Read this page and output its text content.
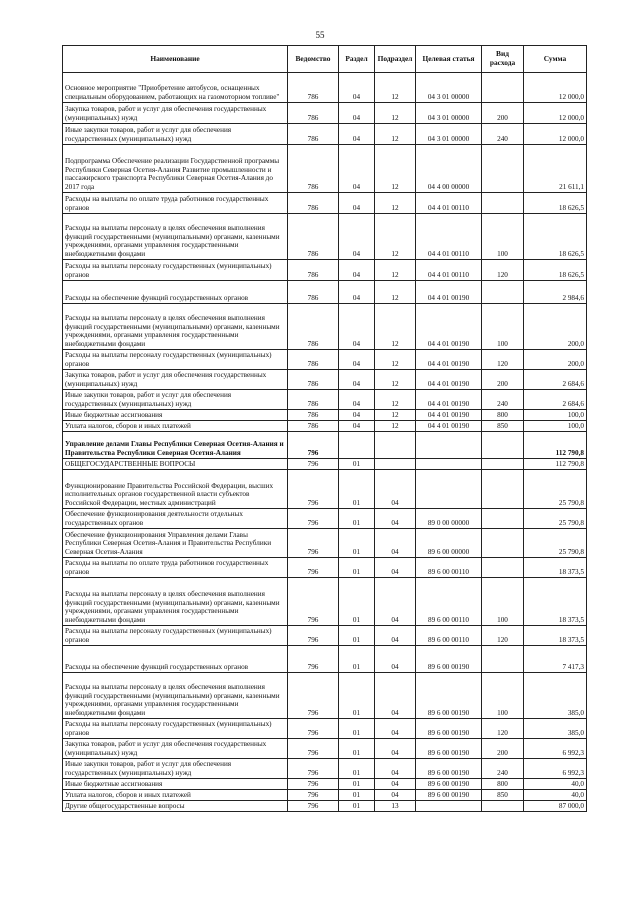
55
Наименование	Ведомство	Раздел	Подраздел	Целевая статья	Вид расхода	Сумма
Основное мероприятие "Приобретение автобусов, оснащенных специальным оборудованием, работающих на газомоторном топливе"	786	04	12	04 3 01 00000		12 000,0
Закупка товаров, работ и услуг для обеспечения государственных (муниципальных) нужд	786	04	12	04 3 01 00000	200	12 000,0
Иные закупки товаров, работ и услуг для обеспечения государственных (муниципальных) нужд	786	04	12	04 3 01 00000	240	12 000,0
Подпрограмма Обеспечение реализации Государственной программы Республики Северная Осетия-Алания Развитие промышленности и пассажирского транспорта Республики Северная Осетия-Алания до 2017 года	786	04	12	04 4 00 00000		21 611,1
Расходы на выплаты по оплате труда работников государственных органов	786	04	12	04 4 01 00110		18 626,5
Расходы на выплаты персоналу в целях обеспечения выполнения функций государственными (муниципальными) органами, казенными учреждениями, органами управления государственными внебюджетными фондами	786	04	12	04 4 01 00110	100	18 626,5
Расходы на выплаты персоналу государственных (муниципальных) органов	786	04	12	04 4 01 00110	120	18 626,5
Расходы на обеспечение функций государственных органов	786	04	12	04 4 01 00190		2 984,6
Расходы на выплаты персоналу в целях обеспечения выполнения функций государственными (муниципальными) органами, казенными учреждениями, органами управления государственными внебюджетными фондами	786	04	12	04 4 01 00190	100	200,0
Расходы на выплаты персоналу государственных (муниципальных) органов	786	04	12	04 4 01 00190	120	200,0
Закупка товаров, работ и услуг для обеспечения государственных (муниципальных) нужд	786	04	12	04 4 01 00190	200	2 684,6
Иные закупки товаров, работ и услуг для обеспечения государственных (муниципальных) нужд	786	04	12	04 4 01 00190	240	2 684,6
Иные бюджетные ассигнования	786	04	12	04 4 01 00190	800	100,0
Уплата налогов, сборов и иных платежей	786	04	12	04 4 01 00190	850	100,0
Управление делами Главы Республики Северная Осетия-Алания и Правительства Республики Северная Осетия-Алания	796					112 790,8
ОБЩЕГОСУДАРСТВЕННЫЕ ВОПРОСЫ	796	01				112 790,8
Функционирование Правительства Российской Федерации, высших исполнительных органов государственной власти субъектов Российской Федерации, местных администраций	796	01	04			25 790,8
Обеспечение функционирования деятельности отдельных государственных органов	796	01	04	89 0 00 00000		25 790,8
Обеспечение функционирования Управления делами Главы Республики Северная Осетия-Алания и Правительства Республики Северная Осетия-Алания	796	01	04	89 6 00 00000		25 790,8
Расходы на выплаты по оплате труда работников государственных органов	796	01	04	89 6 00 00110		18 373,5
Расходы на выплаты персоналу в целях обеспечения выполнения функций государственными (муниципальными) органами, казенными учреждениями, органами управления государственными внебюджетными фондами	796	01	04	89 6 00 00110	100	18 373,5
Расходы на выплаты персоналу государственных (муниципальных) органов	796	01	04	89 6 00 00110	120	18 373,5
Расходы на обеспечение функций государственных органов	796	01	04	89 6 00 00190		7 417,3
Расходы на выплаты персоналу в целях обеспечения выполнения функций государственными (муниципальными) органами, казенными учреждениями, органами управления государственными внебюджетными фондами	796	01	04	89 6 00 00190	100	385,0
Расходы на выплаты персоналу государственных (муниципальных) органов	796	01	04	89 6 00 00190	120	385,0
Закупка товаров, работ и услуг для обеспечения государственных (муниципальных) нужд	796	01	04	89 6 00 00190	200	6 992,3
Иные закупки товаров, работ и услуг для обеспечения государственных (муниципальных) нужд	796	01	04	89 6 00 00190	240	6 992,3
Иные бюджетные ассигнования	796	01	04	89 6 00 00190	800	40,0
Уплата налогов, сборов и иных платежей	796	01	04	89 6 00 00190	850	40,0
Другие общегосударственные вопросы	796	01	13			87 000,0
